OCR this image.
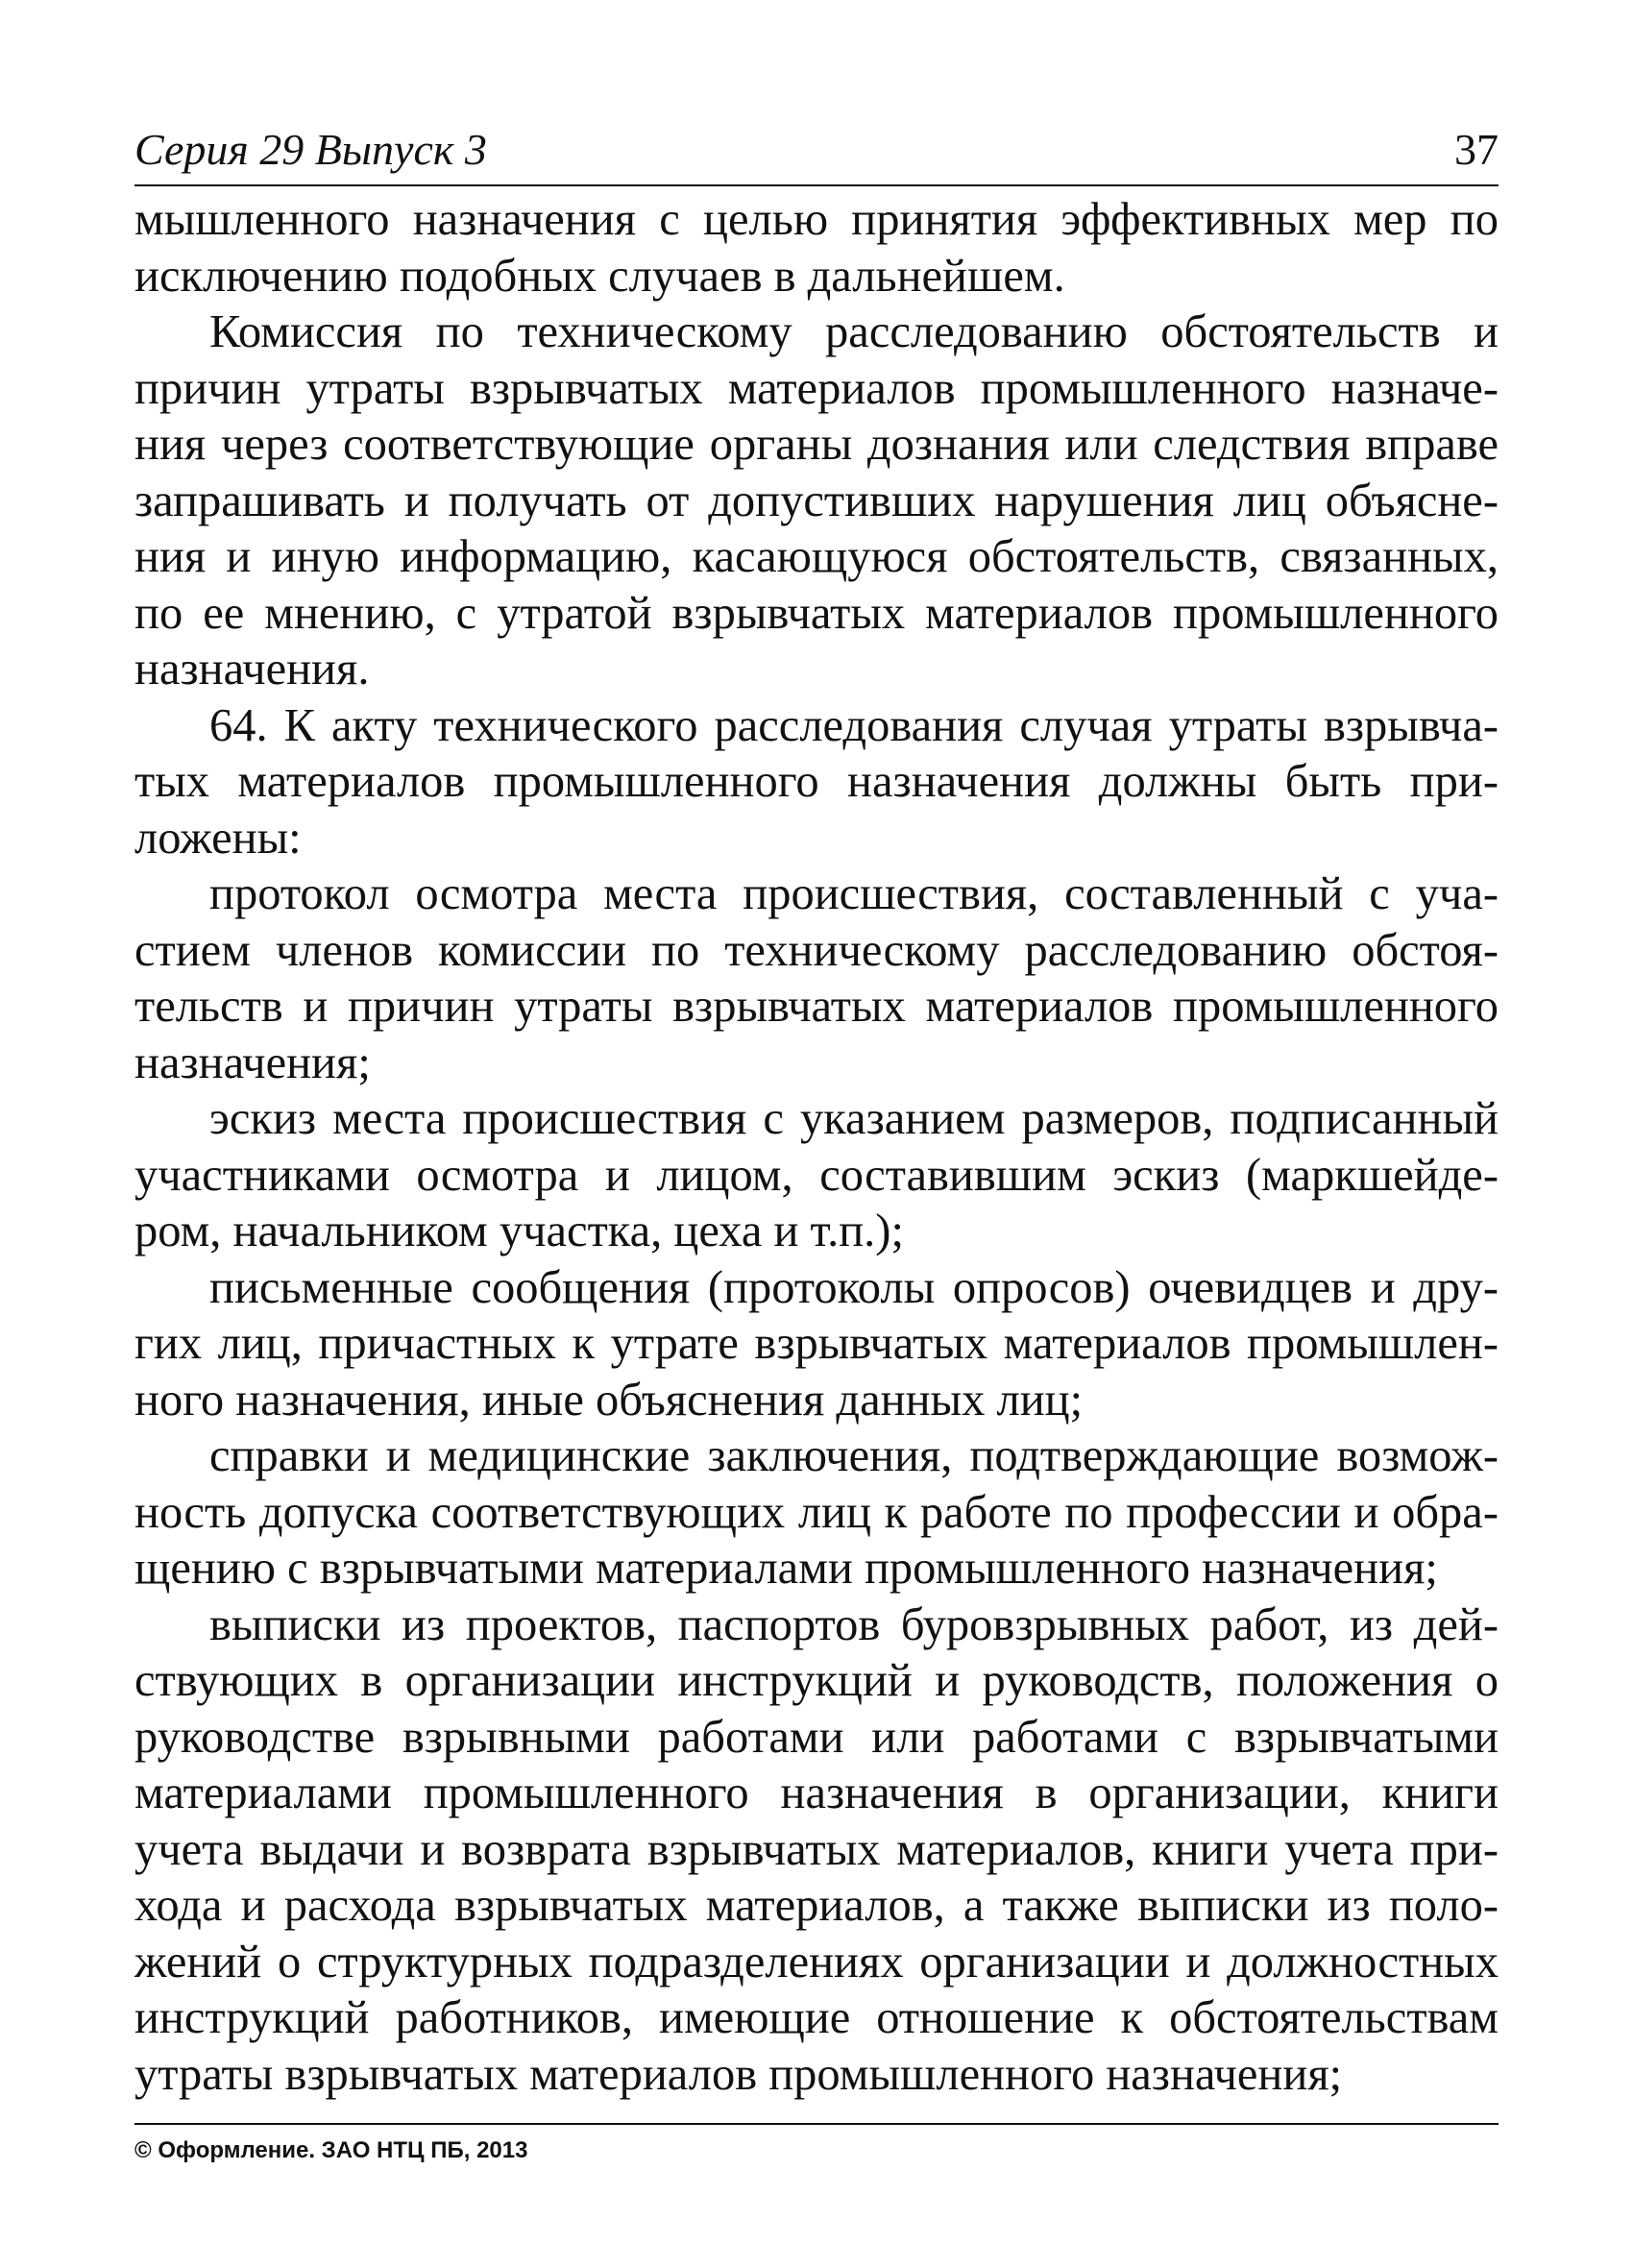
Серия 29 Выпуск 3	37

мышленного назначения с целью принятия эффективных мер по
исключению подобных случаев в дальнейшем.

Комиссия по техническому расследованию обстоятельств и
причин утраты взрывчатых материалов промышленного назначе-
ния через соответствующие органы дознания или следствия вправе
запрашивать и получать от допустивших нарушения лиц объясне-
ния и иную информацию, касающуюся обстоятельств, связанных,
по ее мнению, с утратой взрывчатых материалов промышленного
назначения.

64. К акту технического расследования случая утраты взрывча-
тых материалов промышленного назначения должны быть при-
ложены:

протокол осмотра места происшествия, составленный с уча-
стием членов комиссии по техническому расследованию обстоя-
тельств и причин утраты взрывчатых материалов промышленного
назначения;

эскиз места происшествия с указанием размеров, подписанный
участниками осмотра и лицом, составившим эскиз (маркшейде-
ром, начальником участка, цеха и т.п.);

письменные сообщения (протоколы опросов) очевидцев и дру-
гих лиц, причастных к утрате взрывчатых материалов промышлен-
ного назначения, иные объяснения данных лиц;

справки и медицинские заключения, подтверждающие возмож-
ность допуска соответствующих лиц к работе по профессии и обра-
щению с взрывчатыми материалами промышленного назначения;

выписки из проектов, паспортов буровзрывных работ, из дей-
ствующих в организации инструкций и руководств, положения о
руководстве взрывными работами или работами с взрывчатыми
материалами промышленного назначения в организации, книги
учета выдачи и возврата взрывчатых материалов, книги учета при-
хода и расхода взрывчатых материалов, а также выписки из поло-
жений о структурных подразделениях организации и должностных
инструкций работников, имеющие отношение к обстоятельствам
утраты взрывчатых материалов промышленного назначения;

© Оформление. ЗАО НТЦ ПБ, 2013
